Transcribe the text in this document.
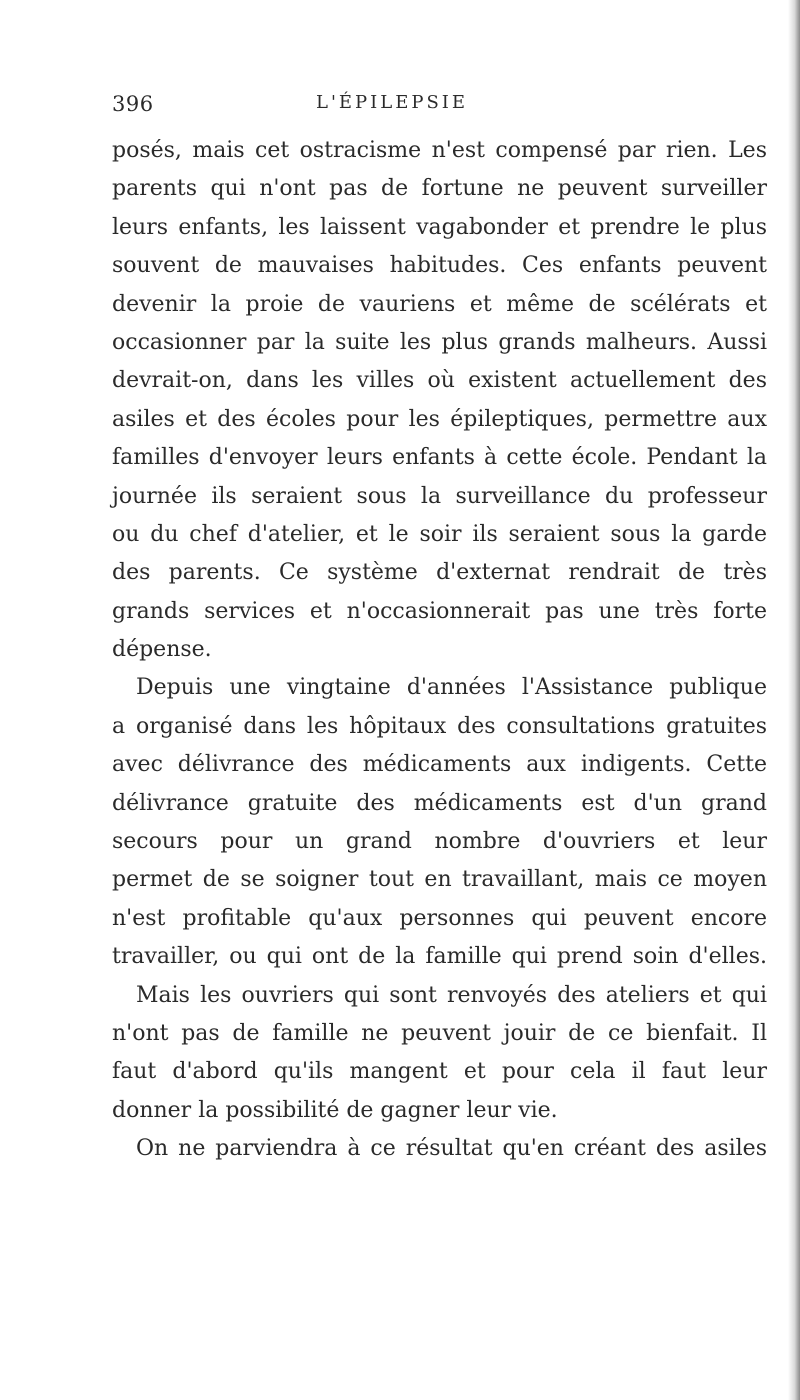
396	L'ÉPILEPSIE
posés, mais cet ostracisme n'est compensé par rien. Les
parents qui n'ont pas de fortune ne peuvent surveiller
leurs enfants, les laissent vagabonder et prendre le plus
souvent de mauvaises habitudes. Ces enfants peuvent
devenir la proie de vauriens et même de scélérats et
occasionner par la suite les plus grands malheurs. Aussi
devrait-on, dans les villes où existent actuellement des
asiles et des écoles pour les épileptiques, permettre aux
familles d'envoyer leurs enfants à cette école. Pendant la
journée ils seraient sous la surveillance du professeur
ou du chef d'atelier, et le soir ils seraient sous la garde
des parents. Ce système d'externat rendrait de très
grands services et n'occasionnerait pas une très forte
dépense.
Depuis une vingtaine d'années l'Assistance publique
a organisé dans les hôpitaux des consultations gratuites
avec délivrance des médicaments aux indigents. Cette
délivrance gratuite des médicaments est d'un grand
secours pour un grand nombre d'ouvriers et leur
permet de se soigner tout en travaillant, mais ce moyen
n'est profitable qu'aux personnes qui peuvent encore
travailler, ou qui ont de la famille qui prend soin d'elles.
Mais les ouvriers qui sont renvoyés des ateliers et qui
n'ont pas de famille ne peuvent jouir de ce bienfait. Il
faut d'abord qu'ils mangent et pour cela il faut leur
donner la possibilité de gagner leur vie.
On ne parviendra à ce résultat qu'en créant des asiles
